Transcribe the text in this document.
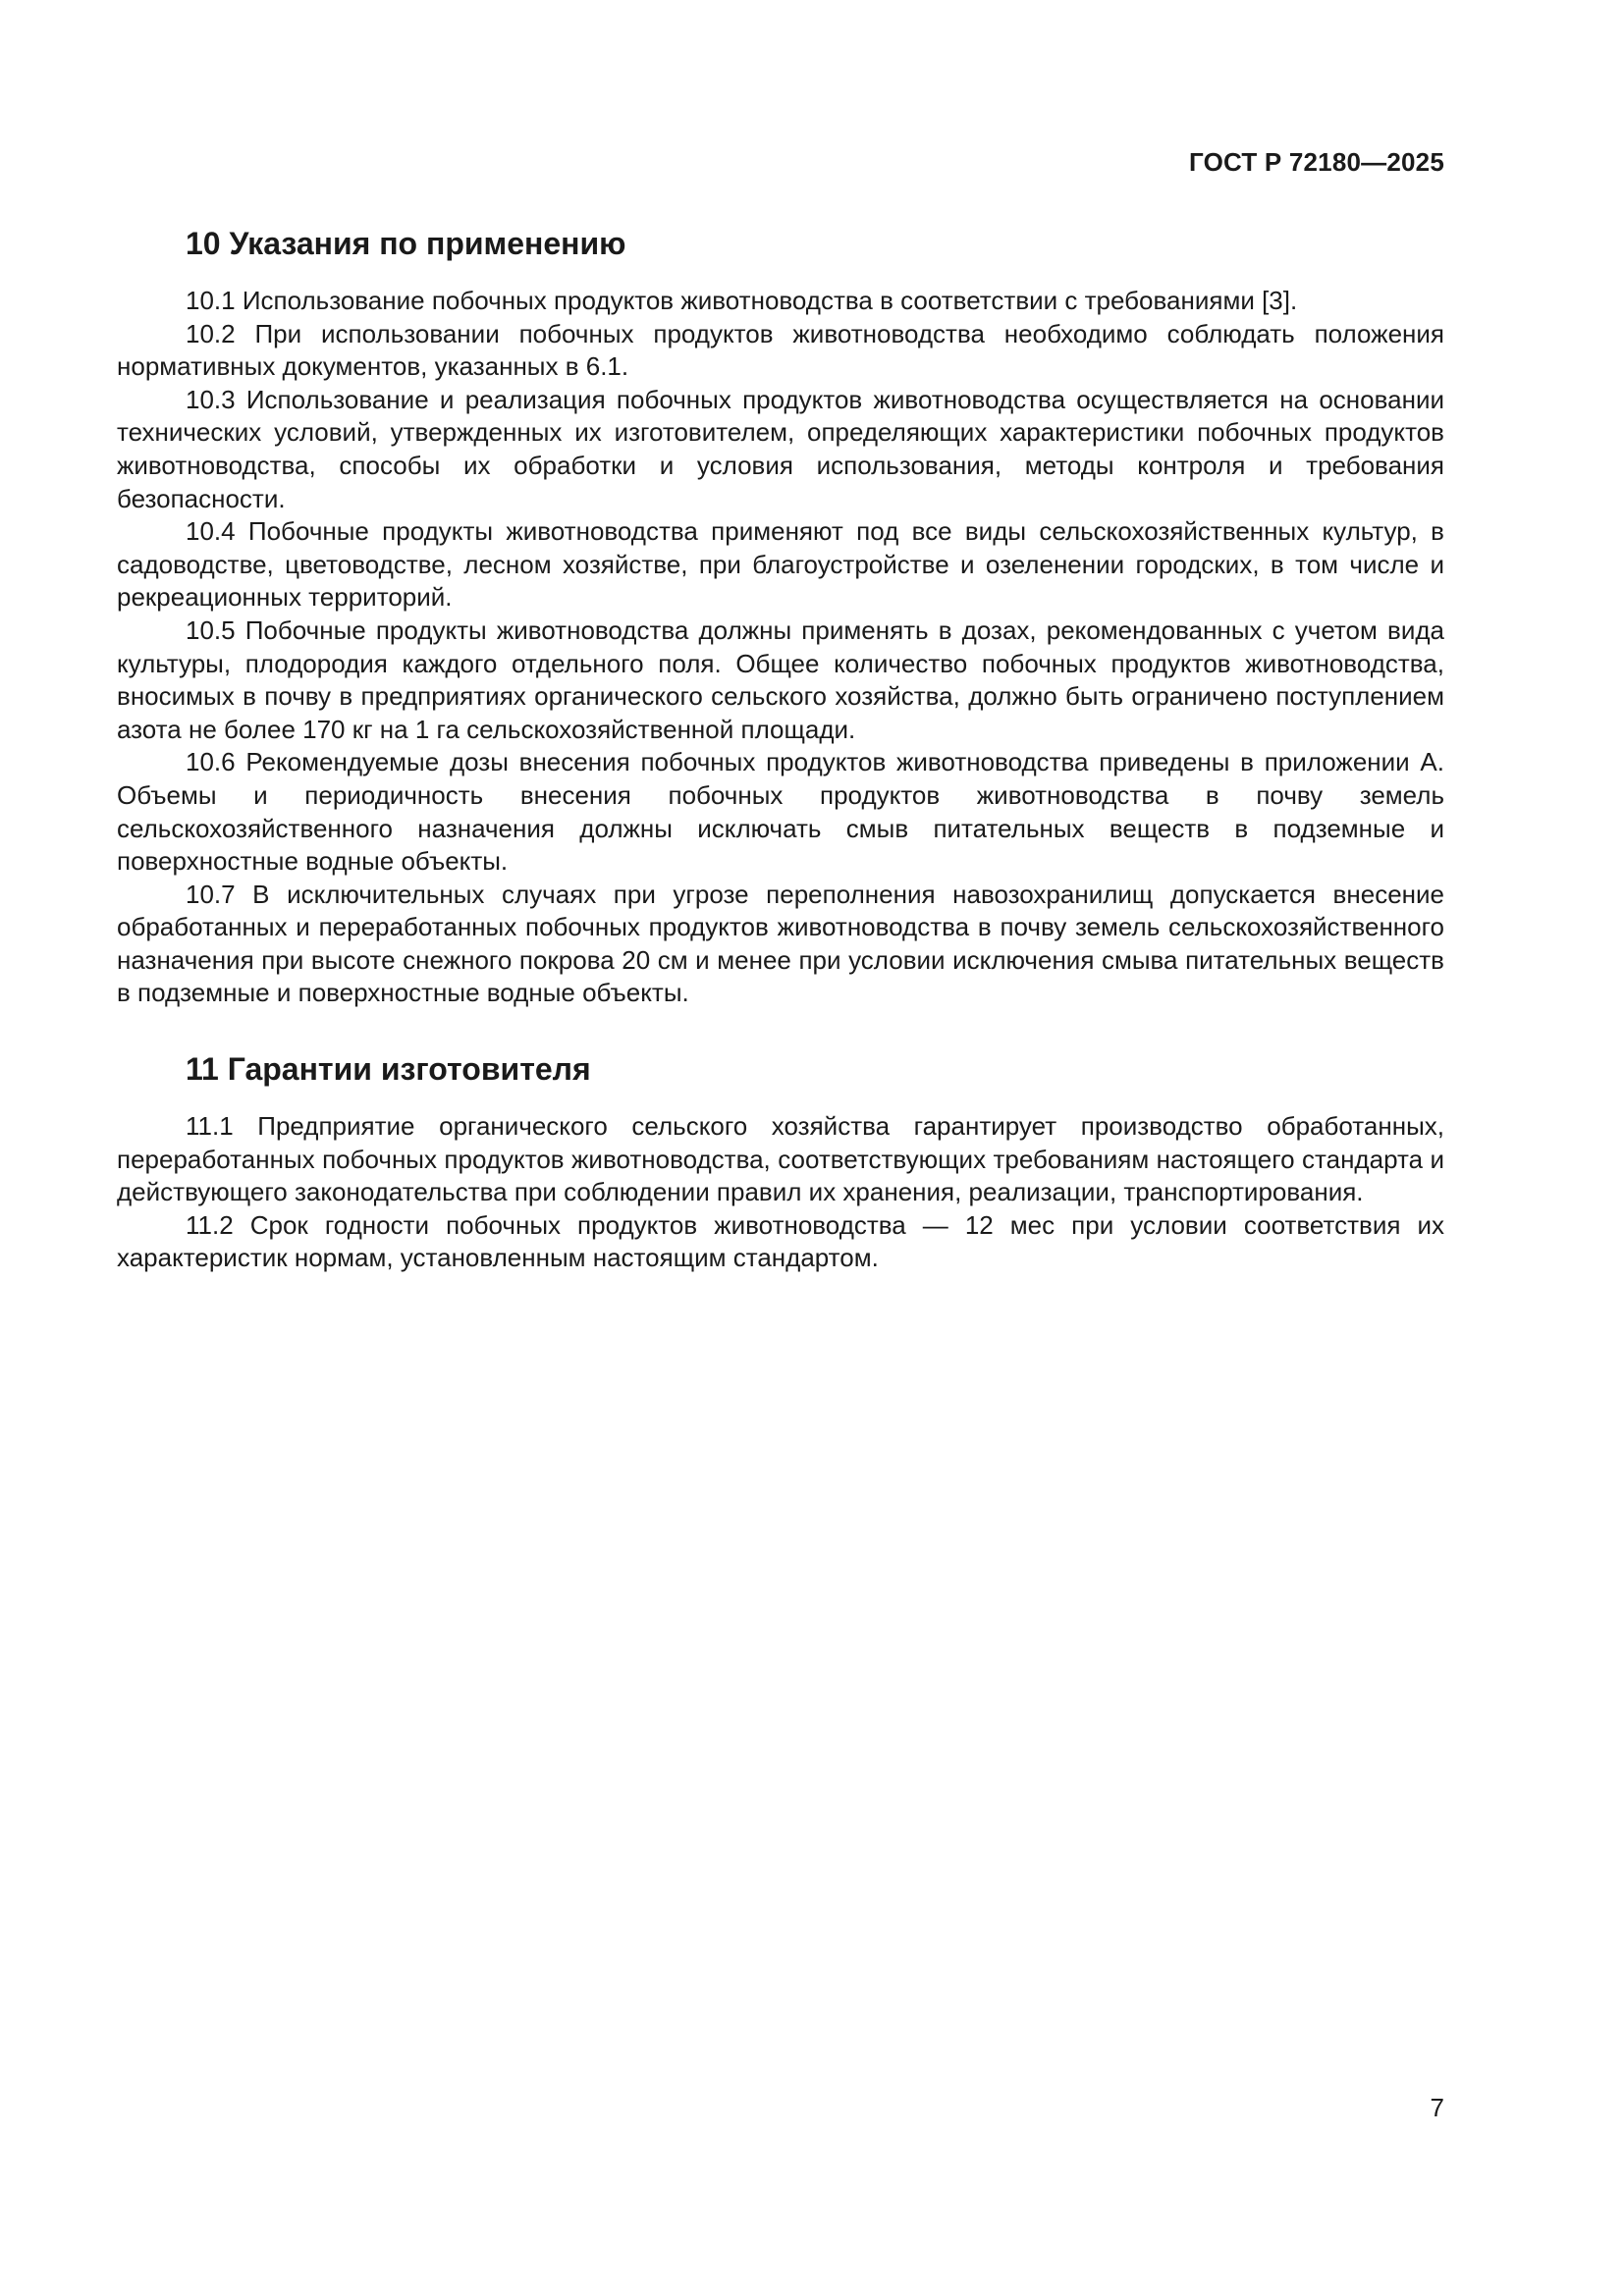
ГОСТ Р 72180—2025
10 Указания по применению

10.1 Использование побочных продуктов животноводства в соответствии с требованиями [3].

10.2 При использовании побочных продуктов животноводства необходимо соблюдать положения нормативных документов, указанных в 6.1.

10.3 Использование и реализация побочных продуктов животноводства осуществляется на основании технических условий, утвержденных их изготовителем, определяющих характеристики побочных продуктов животноводства, способы их обработки и условия использования, методы контроля и требования безопасности.

10.4 Побочные продукты животноводства применяют под все виды сельскохозяйственных культур, в садоводстве, цветоводстве, лесном хозяйстве, при благоустройстве и озеленении городских, в том числе и рекреационных территорий.

10.5 Побочные продукты животноводства должны применять в дозах, рекомендованных с учетом вида культуры, плодородия каждого отдельного поля. Общее количество побочных продуктов животноводства, вносимых в почву в предприятиях органического сельского хозяйства, должно быть ограничено поступлением азота не более 170 кг на 1 га сельскохозяйственной площади.

10.6 Рекомендуемые дозы внесения побочных продуктов животноводства приведены в приложении А. Объемы и периодичность внесения побочных продуктов животноводства в почву земель сельскохозяйственного назначения должны исключать смыв питательных веществ в подземные и поверхностные водные объекты.

10.7 В исключительных случаях при угрозе переполнения навозохранилищ допускается внесение обработанных и переработанных побочных продуктов животноводства в почву земель сельскохозяйственного назначения при высоте снежного покрова 20 см и менее при условии исключения смыва питательных веществ в подземные и поверхностные водные объекты.

11 Гарантии изготовителя

11.1 Предприятие органического сельского хозяйства гарантирует производство обработанных, переработанных побочных продуктов животноводства, соответствующих требованиям настоящего стандарта и действующего законодательства при соблюдении правил их хранения, реализации, транспортирования.

11.2 Срок годности побочных продуктов животноводства — 12 мес при условии соответствия их характеристик нормам, установленным настоящим стандартом.

7
